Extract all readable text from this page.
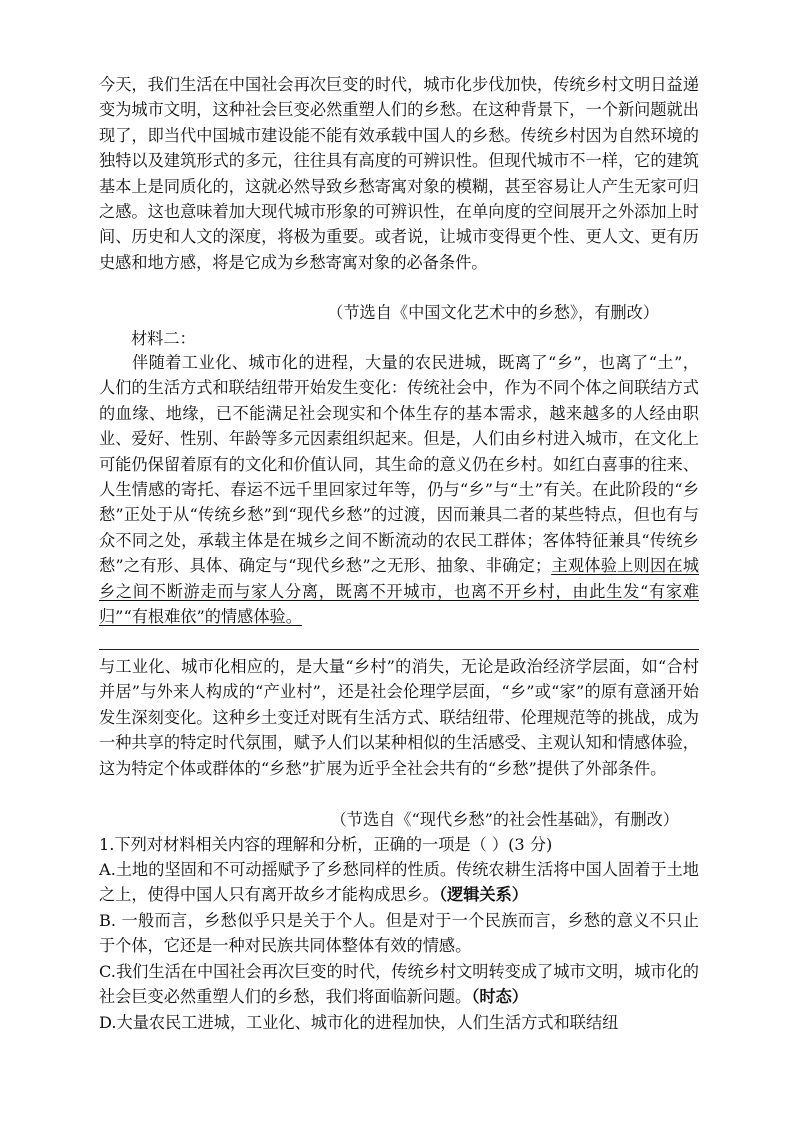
今天，我们生活在中国社会再次巨变的时代，城市化步伐加快，传统乡村文明日益递变为城市文明，这种社会巨变必然重塑人们的乡愁。在这种背景下，一个新问题就出现了，即当代中国城市建设能不能有效承载中国人的乡愁。传统乡村因为自然环境的独特以及建筑形式的多元，往往具有高度的可辨识性。但现代城市不一样，它的建筑基本上是同质化的，这就必然导致乡愁寄寓对象的模糊，甚至容易让人产生无家可归之感。这也意味着加大现代城市形象的可辨识性，在单向度的空间展开之外添加上时间、历史和人文的深度，将极为重要。或者说，让城市变得更个性、更人文、更有历史感和地方感，将是它成为乡愁寄寓对象的必备条件。

（节选自《中国文化艺术中的乡愁》，有删改）

材料二：

伴随着工业化、城市化的进程，大量的农民进城，既离了“乡”，也离了“土”，人们的生活方式和联结纽带开始发生变化：传统社会中，作为不同个体之间联结方式的血缘、地缘，已不能满足社会现实和个体生存的基本需求，越来越多的人经由职业、爱好、性别、年龄等多元因素组织起来。但是，人们由乡村进入城市，在文化上可能仍保留着原有的文化和价值认同，其生命的意义仍在乡村。如红白喜事的往来、人生情感的寄托、春运不远千里回家过年等，仍与“乡”与“土”有关。在此阶段的“乡愁”正处于从“传统乡愁”到“现代乡愁”的过渡，因而兼具二者的某些特点，但也有与众不同之处，承载主体是在城乡之间不断流动的农民工群体；客体特征兼具“传统乡愁”之有形、具体、确定与“现代乡愁”之无形、抽象、非确定；主观体验上则因在城乡之间不断游走而与家人分离，既离不开城市，也离不开乡村，由此生发“有家难归”“有根难依”的情感体验。

与工业化、城市化相应的，是大量“乡村”的消失，无论是政治经济学层面，如“合村并居”与外来人构成的“产业村”，还是社会伦理学层面，“乡”或“家”的原有意涵开始发生深刻变化。这种乡土变迁对既有生活方式、联结纽带、伦理规范等的挑战，成为一种共享的特定时代氛围，赋予人们以某种相似的生活感受、主观认知和情感体验，这为特定个体或群体的“乡愁”扩展为近乎全社会共有的“乡愁”提供了外部条件。

（节选自《“现代乡愁”的社会性基础》，有删改）

1.下列对材料相关内容的理解和分析，正确的一项是（ ）(3 分)

A.土地的坚固和不可动摇赋予了乡愁同样的性质。传统农耕生活将中国人固着于土地之上，使得中国人只有离开故乡才能构成思乡。（逻辑关系）

B. 一般而言，乡愁似乎只是关于个人。但是对于一个民族而言，乡愁的意义不只止于个体，它还是一种对民族共同体整体有效的情感。

C.我们生活在中国社会再次巨变的时代，传统乡村文明转变成了城市文明，城市化的社会巨变必然重塑人们的乡愁，我们将面临新问题。（时态）

D.大量农民工进城，工业化、城市化的进程加快，人们生活方式和联结纽
